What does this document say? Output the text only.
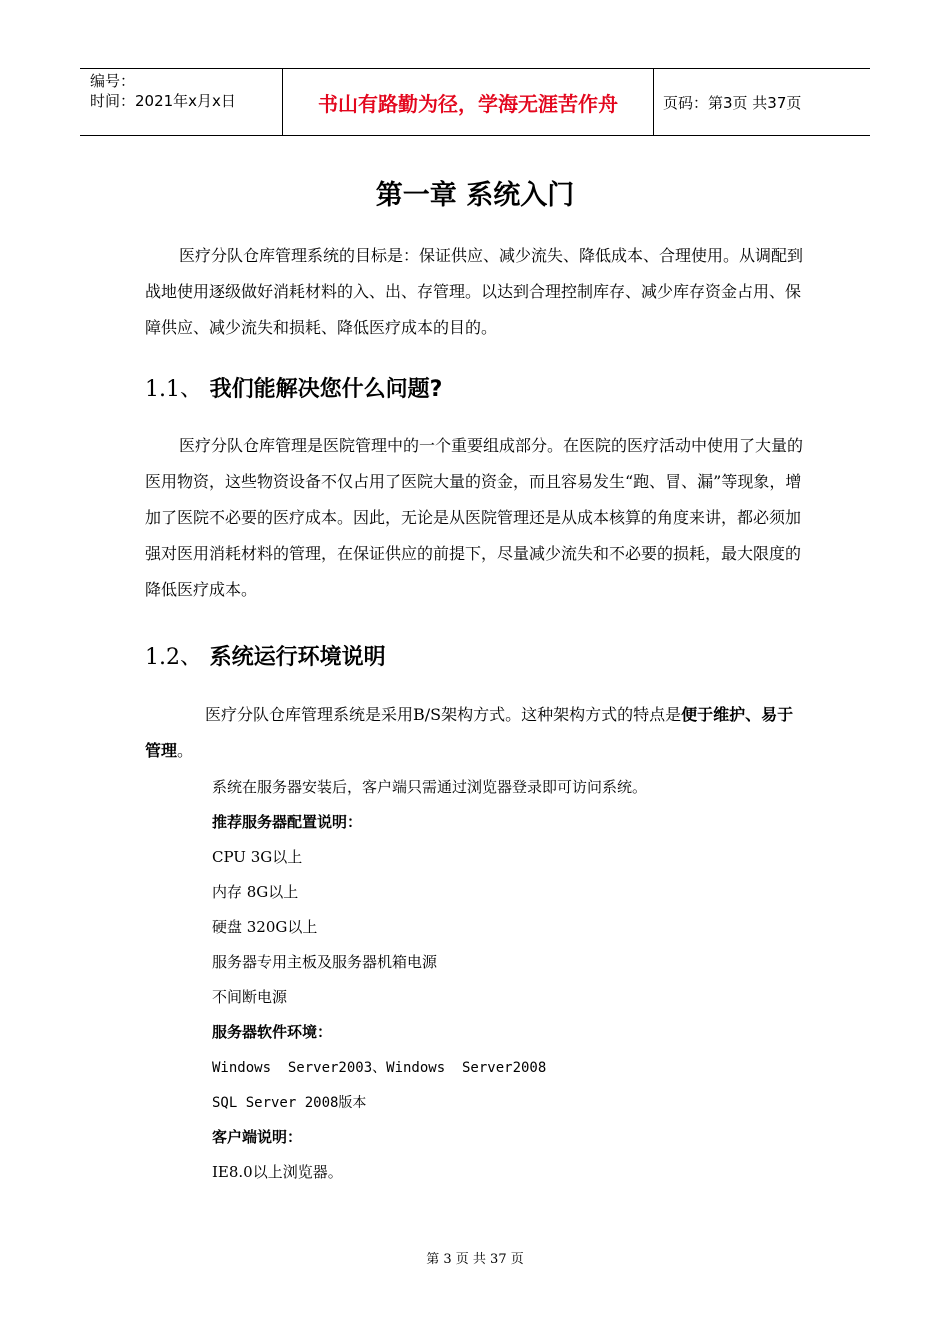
编号：
时间：2021年x月x日	书山有路勤为径，学海无涯苦作舟	页码：第3页 共37页
第一章 系统入门

医疗分队仓库管理系统的目标是：保证供应、减少流失、降低成本、合理使用。从调配到战地使用逐级做好消耗材料的入、出、存管理。以达到合理控制库存、减少库存资金占用、保障供应、减少流失和损耗、降低医疗成本的目的。

1.1、 我们能解决您什么问题?

医疗分队仓库管理是医院管理中的一个重要组成部分。在医院的医疗活动中使用了大量的医用物资，这些物资设备不仅占用了医院大量的资金，而且容易发生“跑、冒、漏”等现象，增加了医院不必要的医疗成本。因此，无论是从医院管理还是从成本核算的角度来讲，都必须加强对医用消耗材料的管理，在保证供应的前提下，尽量减少流失和不必要的损耗，最大限度的降低医疗成本。

1.2、 系统运行环境说明

医疗分队仓库管理系统是采用B/S架构方式。这种架构方式的特点是便于维护、易于管理。

系统在服务器安装后，客户端只需通过浏览器登录即可访问系统。
推荐服务器配置说明：
CPU 3G以上
内存 8G以上
硬盘 320G以上
服务器专用主板及服务器机箱电源
不间断电源
服务器软件环境：
Windows  Server2003、Windows  Server2008
SQL Server 2008版本
客户端说明：
IE8.0以上浏览器。
第 3 页 共 37 页
